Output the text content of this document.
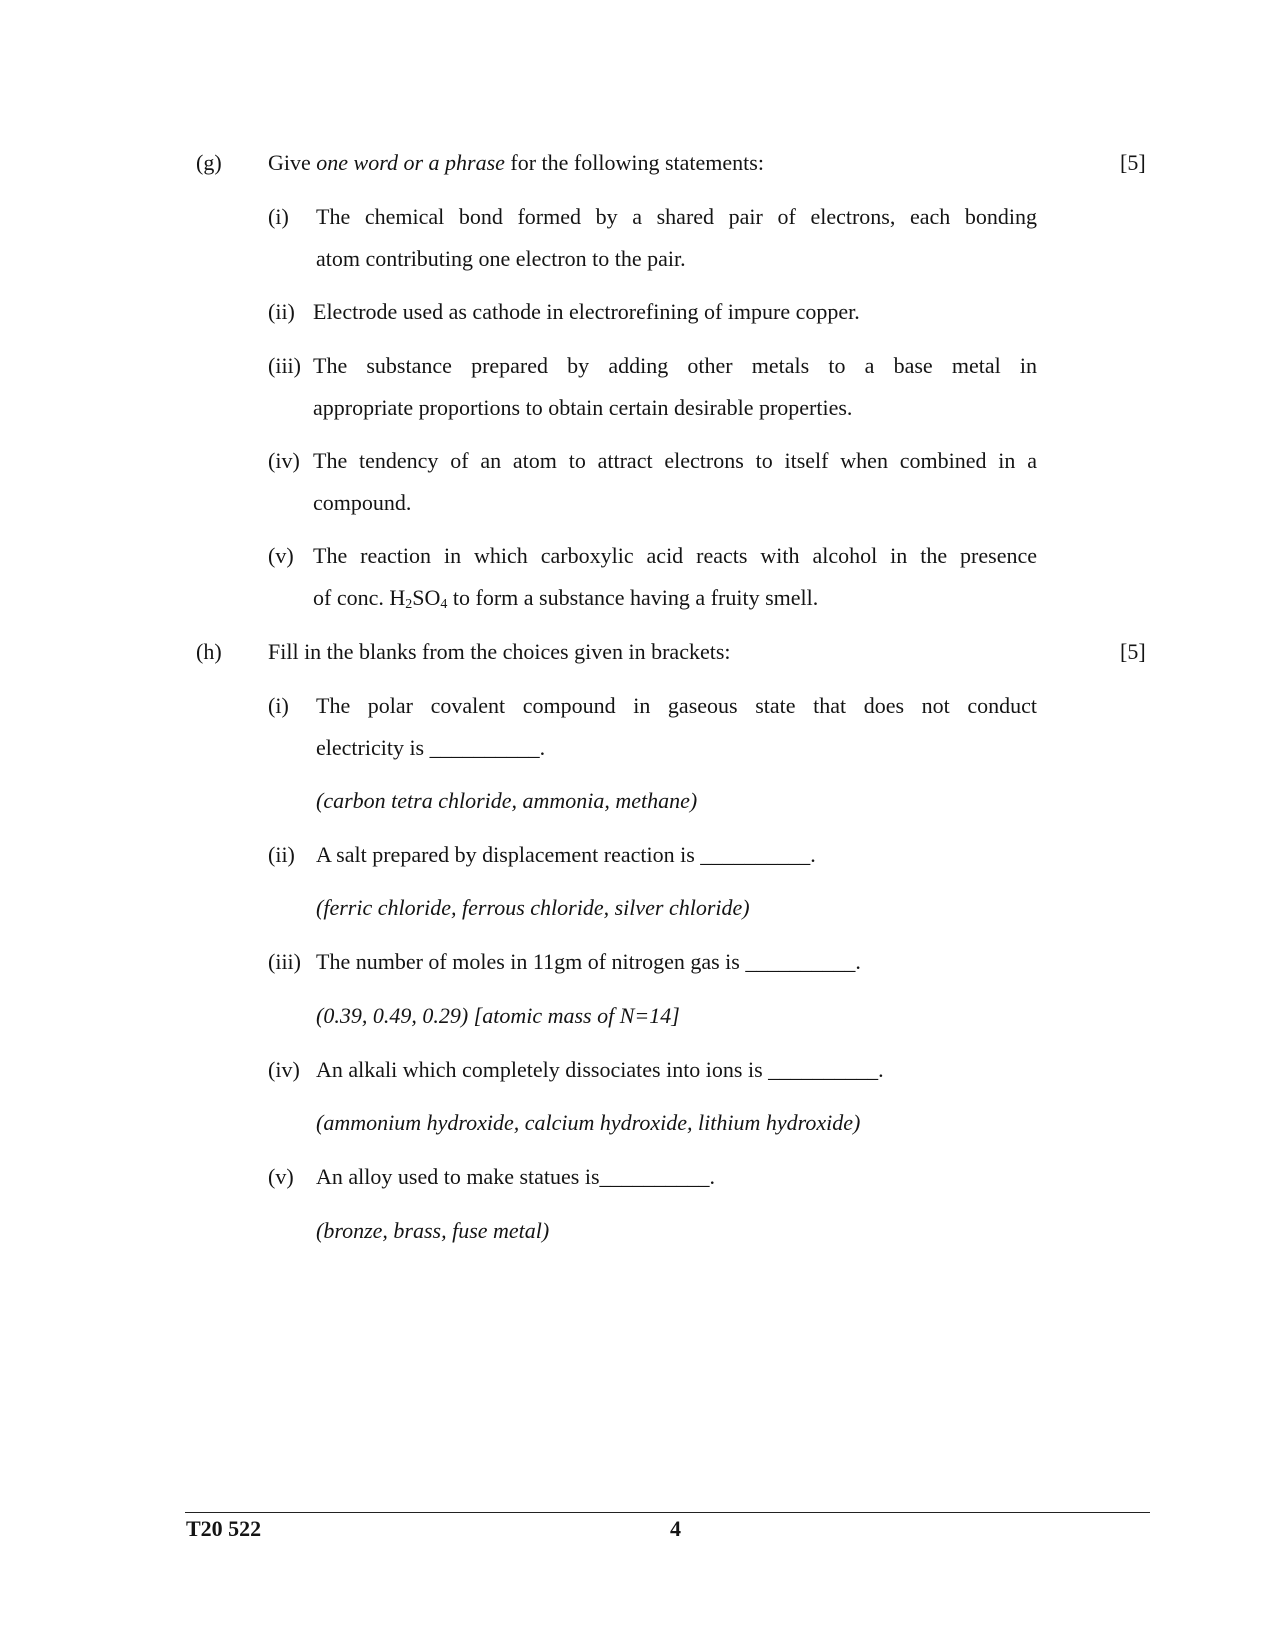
(g) Give one word or a phrase for the following statements:	[5]
(i) The chemical bond formed by a shared pair of electrons, each bonding
atom contributing one electron to the pair.
(ii) Electrode used as cathode in electrorefining of impure copper.
(iii) The substance prepared by adding other metals to a base metal in
appropriate proportions to obtain certain desirable properties.
(iv) The tendency of an atom to attract electrons to itself when combined in a
compound.
(v) The reaction in which carboxylic acid reacts with alcohol in the presence
of conc. $H_2SO_4$ to form a substance having a fruity smell.
(h) Fill in the blanks from the choices given in brackets:	[5]
(i) The polar covalent compound in gaseous state that does not conduct
electricity is __________.
(carbon tetra chloride, ammonia, methane)
(ii) A salt prepared by displacement reaction is __________.
(ferric chloride, ferrous chloride, silver chloride)
(iii) The number of moles in 11gm of nitrogen gas is __________.
(0.39, 0.49, 0.29) [atomic mass of N=14]
(iv) An alkali which completely dissociates into ions is __________.
(ammonium hydroxide, calcium hydroxide, lithium hydroxide)
(v) An alloy used to make statues is__________.
(bronze, brass, fuse metal)
T20 522	4
